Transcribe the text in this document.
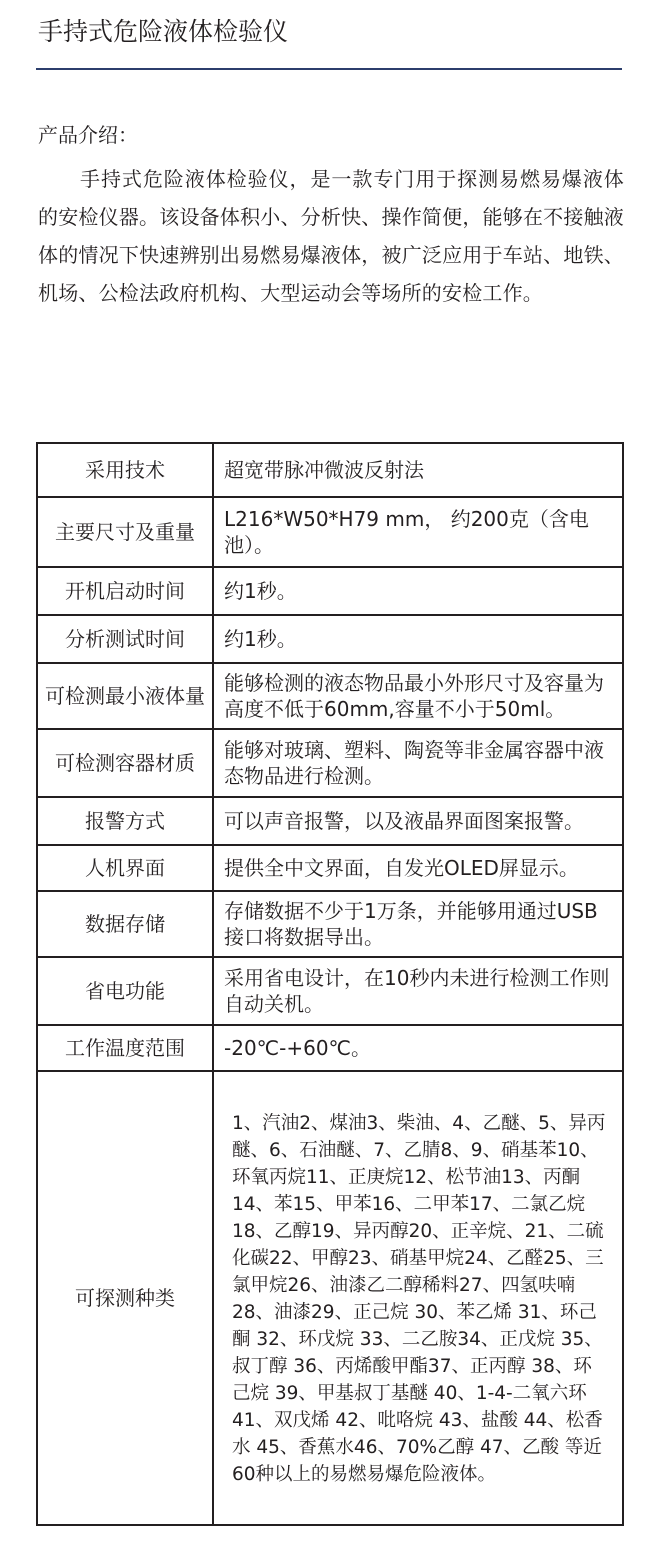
手持式危险液体检验仪
产品介绍：

手持式危险液体检验仪，是一款专门用于探测易燃易爆液体的安检仪器。该设备体积小、分析快、操作简便，能够在不接触液体的情况下快速辨别出易燃易爆液体，被广泛应用于车站、地铁、机场、公检法政府机构、大型运动会等场所的安检工作。

采用技术	超宽带脉冲微波反射法
主要尺寸及重量	L216*W50*H79 mm， 约200克（含电池）。
开机启动时间	约1秒。
分析测试时间	约1秒。
可检测最小液体量	能够检测的液态物品最小外形尺寸及容量为高度不低于60mm,容量不小于50ml。
可检测容器材质	能够对玻璃、塑料、陶瓷等非金属容器中液态物品进行检测。
报警方式	可以声音报警，以及液晶界面图案报警。
人机界面	提供全中文界面，自发光OLED屏显示。
数据存储	存储数据不少于1万条，并能够用通过USB接口将数据导出。
省电功能	采用省电设计，在10秒内未进行检测工作则自动关机。
工作温度范围	-20℃-+60℃。
可探测种类	1、汽油2、煤油3、柴油、4、乙醚、5、异丙醚、6、石油醚、7、乙腈8、9、硝基苯10、环氧丙烷11、正庚烷12、松节油13、丙酮14、苯15、甲苯16、二甲苯17、二氯乙烷18、乙醇19、异丙醇20、正辛烷、21、二硫化碳22、甲醇23、硝基甲烷24、乙醛25、三氯甲烷26、油漆乙二醇稀料27、四氢呋喃28、油漆29、正己烷 30、苯乙烯 31、环己酮 32、环戊烷 33、二乙胺34、正戊烷 35、叔丁醇 36、丙烯酸甲酯37、正丙醇 38、环己烷 39、甲基叔丁基醚 40、1-4-二氧六环 41、双戊烯 42、吡咯烷 43、盐酸 44、松香水 45、香蕉水46、70%乙醇 47、乙酸 等近60种以上的易燃易爆危险液体。
